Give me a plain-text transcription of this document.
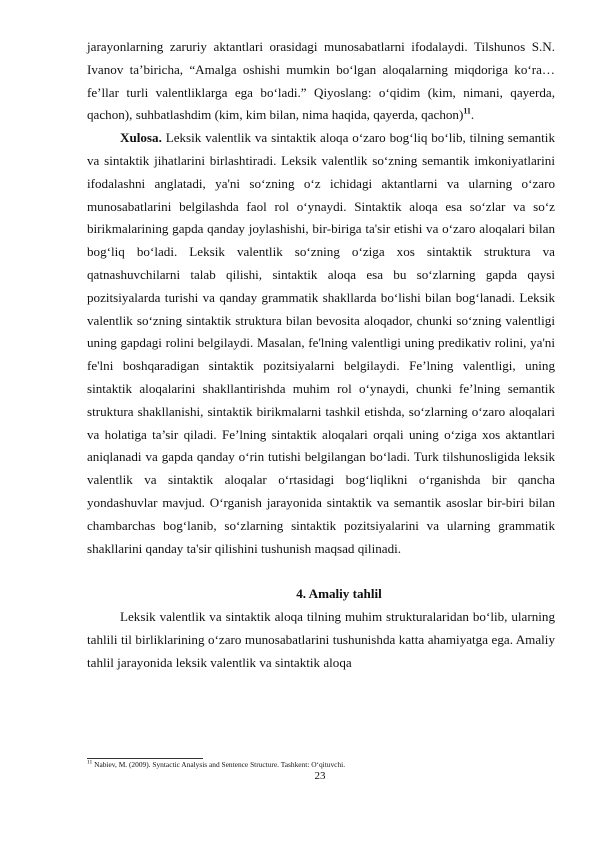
jarayonlarning zaruriy aktantlari orasidagi munosabatlarni ifodalaydi. Tilshunos S.N. Ivanov ta’biricha, “Amalga oshishi mumkin bo‘lgan aloqalarning miqdoriga ko‘ra… fe’llar turli valentliklarga ega bo‘ladi.” Qiyoslang: o‘qidim (kim, nimani, qayerda, qachon), suhbatlashdim (kim, kim bilan, nima haqida, qayerda, qachon)$^{11}$.

Xulosa. Leksik valentlik va sintaktik aloqa o‘zaro bog‘liq bo‘lib, tilning semantik va sintaktik jihatlarini birlashtiradi. Leksik valentlik so‘zning semantik imkoniyatlarini ifodalashni anglatadi, ya'ni so‘zning o‘z ichidagi aktantlarni va ularning o‘zaro munosabatlarini belgilashda faol rol o‘ynaydi. Sintaktik aloqa esa so‘zlar va so‘z birikmalarining gapda qanday joylashishi, bir-biriga ta'sir etishi va o‘zaro aloqalari bilan bog‘liq bo‘ladi. Leksik valentlik so‘zning o‘ziga xos sintaktik struktura va qatnashuvchilarni talab qilishi, sintaktik aloqa esa bu so‘zlarning gapda qaysi pozitsiyalarda turishi va qanday grammatik shakllarda bo‘lishi bilan bog‘lanadi. Leksik valentlik so‘zning sintaktik struktura bilan bevosita aloqador, chunki so‘zning valentligi uning gapdagi rolini belgilaydi. Masalan, fe'lning valentligi uning predikativ rolini, ya'ni fe'lni boshqaradigan sintaktik pozitsiyalarni belgilaydi. Fe’lning valentligi, uning sintaktik aloqalarini shakllantirishda muhim rol o‘ynaydi, chunki fe’lning semantik struktura shakllanishi, sintaktik birikmalarni tashkil etishda, so‘zlarning o‘zaro aloqalari va holatiga ta’sir qiladi. Fe’lning sintaktik aloqalari orqali uning o‘ziga xos aktantlari aniqlanadi va gapda qanday o‘rin tutishi belgilangan bo‘ladi. Turk tilshunosligida leksik valentlik va sintaktik aloqalar o‘rtasidagi bog‘liqlikni o‘rganishda bir qancha yondashuvlar mavjud. O‘rganish jarayonida sintaktik va semantik asoslar bir-biri bilan chambarchas bog‘lanib, so‘zlarning sintaktik pozitsiyalarini va ularning grammatik shakllarini qanday ta'sir qilishini tushunish maqsad qilinadi.

4. Amaliy tahlil

Leksik valentlik va sintaktik aloqa tilning muhim strukturalaridan bo‘lib, ularning tahlili til birliklarining o‘zaro munosabatlarini tushunishda katta ahamiyatga ega. Amaliy tahlil jarayonida leksik valentlik va sintaktik aloqa

$^{11}$ Nabiev, M. (2009). Syntactic Analysis and Sentence Structure. Tashkent: O‘qituvchi.
23
